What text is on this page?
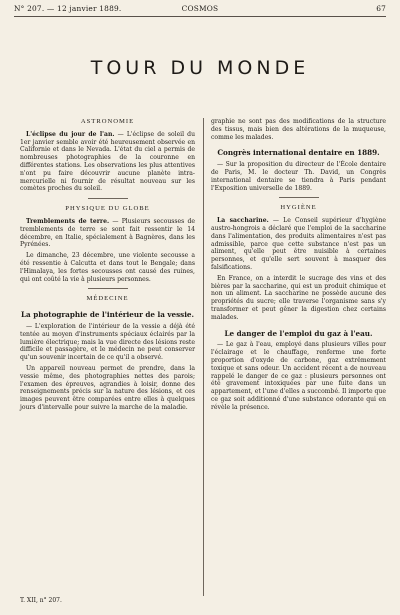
N° 207. — 12 janvier 1889.	COSMOS	67
TOUR DU MONDE
ASTRONOMIE

L'éclipse du jour de l'an. — L'éclipse de soleil du 1er janvier semble avoir été heureusement observée en Californie et dans le Nevada. L'état du ciel a permis de nombreuses photographies de la couronne en différentes stations. Les observations les plus attentives n'ont pu faire découvrir aucune planète intra-mercurielle ni fournir de résultat nouveau sur les comètes proches du soleil.

PHYSIQUE DU GLOBE

Tremblements de terre. — Plusieurs secousses de tremblements de terre se sont fait ressentir le 14 décembre, en Italie, spécialement à Bagnères, dans les Pyrénées.

Le dimanche, 23 décembre, une violente secousse a été ressentie à Calcutta et dans tout le Bengale; dans l'Himalaya, les fortes secousses ont causé des ruines, qui ont coûté la vie à plusieurs personnes.

MÉDECINE
La photographie de l'intérieur de la vessie.

— L'exploration de l'intérieur de la vessie a déjà été tentée au moyen d'instruments spéciaux éclairés par la lumière électrique; mais la vue directe des lésions reste difficile et passagère, et le médecin ne peut conserver qu'un souvenir incertain de ce qu'il a observé.

Un appareil nouveau permet de prendre, dans la vessie même, des photographies nettes des parois; l'examen des épreuves, agrandies à loisir, donne des renseignements précis sur la nature des lésions, et ces images peuvent être comparées entre elles à quelques jours d'intervalle pour suivre la marche de la maladie.

graphie ne sont pas des modifications de la structure des tissus, mais bien des altérations de la muqueuse, comme les malades.

Congrès international dentaire en 1889.

— Sur la proposition du directeur de l'École dentaire de Paris, M. le docteur Th. David, un Congrès international dentaire se tiendra à Paris pendant l'Exposition universelle de 1889.

HYGIÈNE

La saccharine. — Le Conseil supérieur d'hygiène austro-hongrois a déclaré que l'emploi de la saccharine dans l'alimentation, des produits alimentaires n'est pas admissible, parce que cette substance n'est pas un aliment, qu'elle peut être nuisible à certaines personnes, et qu'elle sert souvent à masquer des falsifications.

En France, on a interdit le sucrage des vins et des bières par la saccharine, qui est un produit chimique et non un aliment. La saccharine ne possède aucune des propriétés du sucre; elle traverse l'organisme sans s'y transformer et peut gêner la digestion chez certains malades.

Le danger de l'emploi du gaz à l'eau.

— Le gaz à l'eau, employé dans plusieurs villes pour l'éclairage et le chauffage, renferme une forte proportion d'oxyde de carbone, gaz extrêmement toxique et sans odeur. Un accident récent a de nouveau rappelé le danger de ce gaz : plusieurs personnes ont été gravement intoxiquées par une fuite dans un appartement, et l'une d'elles a succombé. Il importe que ce gaz soit additionné d'une substance odorante qui en révèle la présence.

T. XII, n° 207.
